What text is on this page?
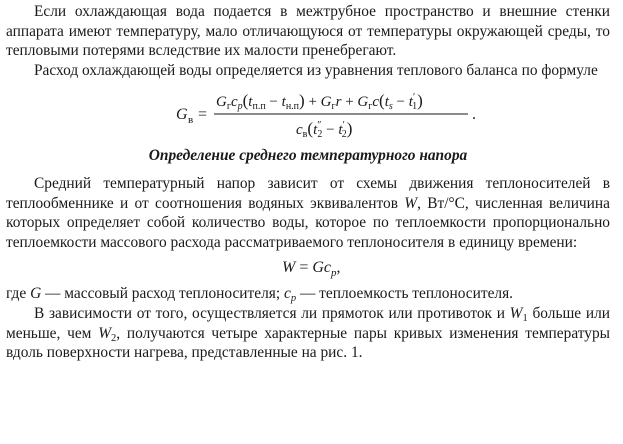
Если охлаждающая вода подается в межтрубное пространство и внешние стенки аппарата имеют температуру, мало отличающуюся от температуры окружающей среды, то тепловыми потерями вследствие их малости пренебрегают.

Расход охлаждающей воды определяется из уравнения теплового баланса по формуле

G в =
$G_гc_p(t_{п.п} - t_{н.п}) + G_гr + G_гc(t_s - t'$ 1)
$c_в(t''$ 2 − t′ 2)
.
Определение среднего температурного напора

Средний температурный напор зависит от схемы движения теплоносителей в теплообменнике и от соотношения водяных эквивалентов W, Вт/°С, численная величина которых определяет собой количество воды, которое по теплоемкости пропорционально теплоемкости массового расхода рассматриваемого теплоносителя в единицу времени:

$W = Gc_p$,

где G — массовый расход теплоносителя; $c_p$ — теплоемкость теплоносителя.

В зависимости от того, осуществляется ли прямоток или противоток и $W_1$ больше или меньше, чем $W_2$, получаются четыре характерные пары кривых изменения температуры вдоль поверхности нагрева, представленные на рис. 1.
